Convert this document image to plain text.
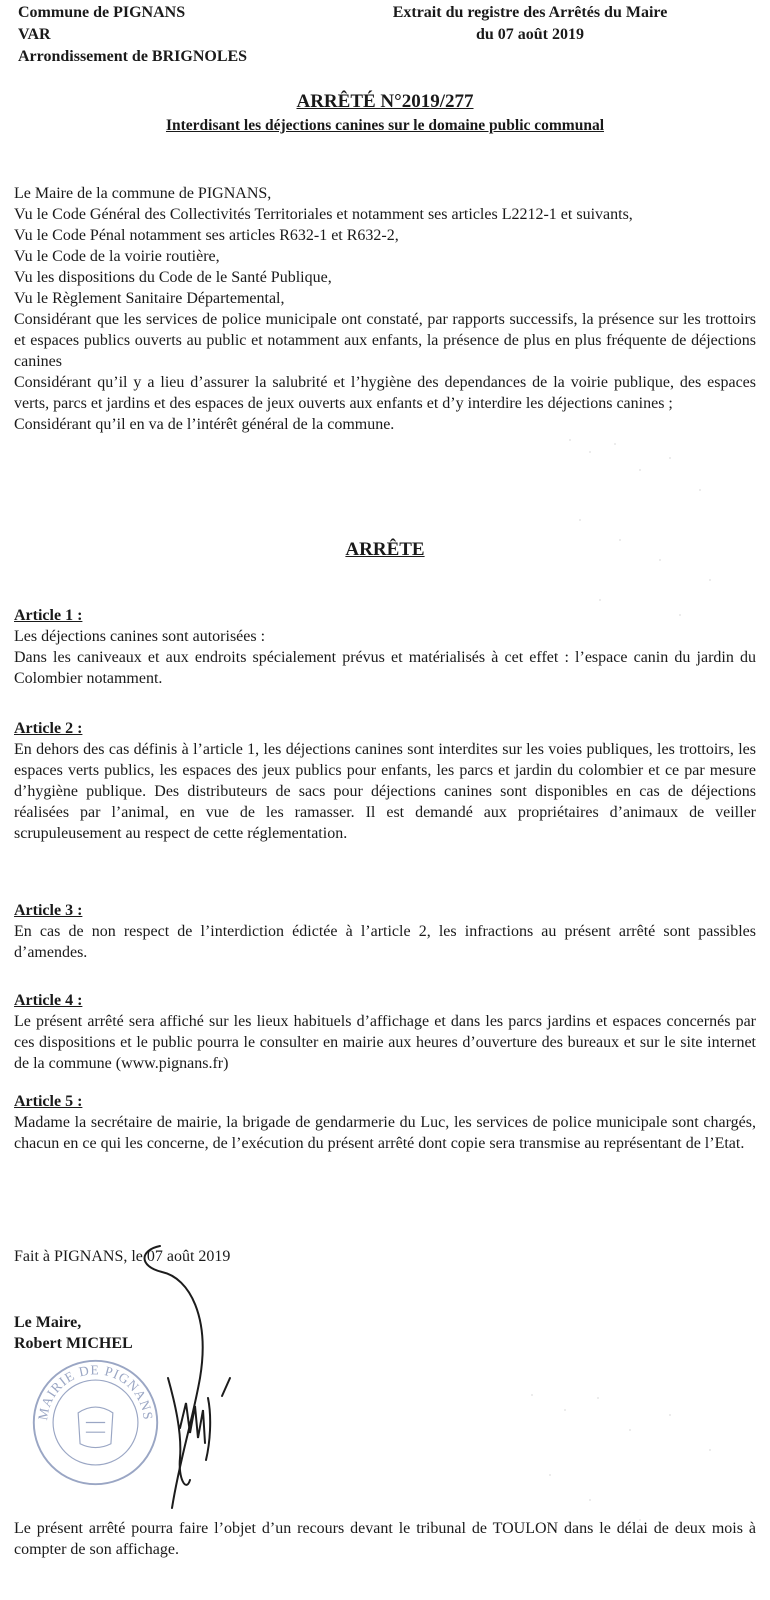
Commune de PIGNANS
VAR
Arrondissement de BRIGNOLES
Extrait du registre des Arrêtés du Maire
du 07 août 2019
ARRÊTÉ N°2019/277
Interdisant les déjections canines sur le domaine public communal

Le Maire de la commune de PIGNANS,

Vu le Code Général des Collectivités Territoriales et notamment ses articles L2212-1 et suivants,

Vu le Code Pénal notamment ses articles R632-1 et R632-2,

Vu le Code de la voirie routière,

Vu les dispositions du Code de le Santé Publique,

Vu le Règlement Sanitaire Départemental,

Considérant que les services de police municipale ont constaté, par rapports successifs, la présence sur les trottoirs et espaces publics ouverts au public et notamment aux enfants, la présence de plus en plus fréquente de déjections canines

Considérant qu’il y a lieu d’assurer la salubrité et l’hygiène des dependances de la voirie publique, des espaces verts, parcs et jardins et des espaces de jeux ouverts aux enfants et d’y interdire les déjections canines ;

Considérant qu’il en va de l’intérêt général de la commune.

ARRÊTE

Article 1 :

Les déjections canines sont autorisées :

Dans les caniveaux et aux endroits spécialement prévus et matérialisés à cet effet : l’espace canin du jardin du Colombier notamment.

Article 2 :

En dehors des cas définis à l’article 1, les déjections canines sont interdites sur les voies publiques, les trottoirs, les espaces verts publics, les espaces des jeux publics pour enfants, les parcs et jardin du colombier et ce par mesure d’hygiène publique. Des distributeurs de sacs pour déjections canines sont disponibles en cas de déjections réalisées par l’animal, en vue de les ramasser. Il est demandé aux propriétaires d’animaux de veiller scrupuleusement au respect de cette réglementation.

Article 3 :

En cas de non respect de l’interdiction édictée à l’article 2, les infractions au présent arrêté sont passibles d’amendes.

Article 4 :

Le présent arrêté sera affiché sur les lieux habituels d’affichage et dans les parcs jardins et espaces concernés par ces dispositions et le public pourra le consulter en mairie aux heures d’ouverture des bureaux et sur le site internet de la commune (www.pignans.fr)

Article 5 :

Madame la secrétaire de mairie, la brigade de gendarmerie du Luc, les services de police municipale sont chargés, chacun en ce qui les concerne, de l’exécution du présent arrêté dont copie sera transmise au représentant de l’Etat.

Fait à PIGNANS, le 07 août 2019
Le Maire,
Robert MICHEL
MAIRIE DE PIGNANS
Le présent arrêté pourra faire l’objet d’un recours devant le tribunal de TOULON dans le délai de deux mois à compter de son affichage.
